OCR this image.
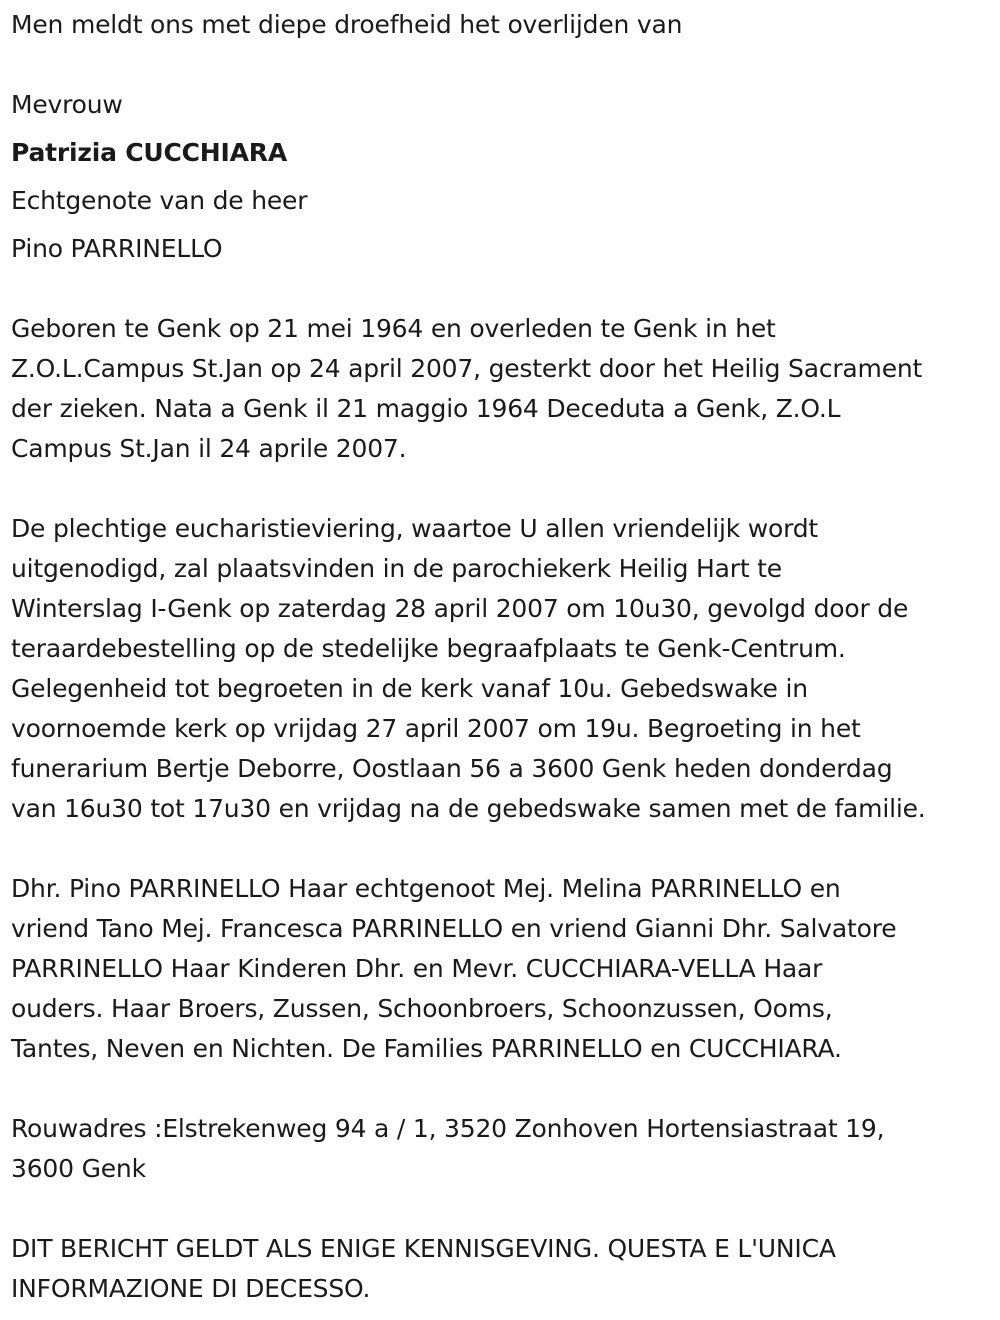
Men meldt ons met diepe droefheid het overlijden van
Mevrouw
Patrizia CUCCHIARA
Echtgenote van de heer
Pino PARRINELLO
Geboren te Genk op 21 mei 1964 en overleden te Genk in het
Z.O.L.Campus St.Jan op 24 april 2007, gesterkt door het Heilig Sacrament
der zieken. Nata a Genk il 21 maggio 1964 Deceduta a Genk, Z.O.L
Campus St.Jan il 24 aprile 2007.
De plechtige eucharistieviering, waartoe U allen vriendelijk wordt
uitgenodigd, zal plaatsvinden in de parochiekerk Heilig Hart te
Winterslag I-Genk op zaterdag 28 april 2007 om 10u30, gevolgd door de
teraardebestelling op de stedelijke begraafplaats te Genk-Centrum.
Gelegenheid tot begroeten in de kerk vanaf 10u. Gebedswake in
voornoemde kerk op vrijdag 27 april 2007 om 19u. Begroeting in het
funerarium Bertje Deborre, Oostlaan 56 a 3600 Genk heden donderdag
van 16u30 tot 17u30 en vrijdag na de gebedswake samen met de familie.
Dhr. Pino PARRINELLO Haar echtgenoot Mej. Melina PARRINELLO en
vriend Tano Mej. Francesca PARRINELLO en vriend Gianni Dhr. Salvatore
PARRINELLO Haar Kinderen Dhr. en Mevr. CUCCHIARA-VELLA Haar
ouders. Haar Broers, Zussen, Schoonbroers, Schoonzussen, Ooms,
Tantes, Neven en Nichten. De Families PARRINELLO en CUCCHIARA.
Rouwadres :Elstrekenweg 94 a / 1, 3520 Zonhoven Hortensiastraat 19,
3600 Genk
DIT BERICHT GELDT ALS ENIGE KENNISGEVING. QUESTA E L'UNICA
INFORMAZIONE DI DECESSO.
